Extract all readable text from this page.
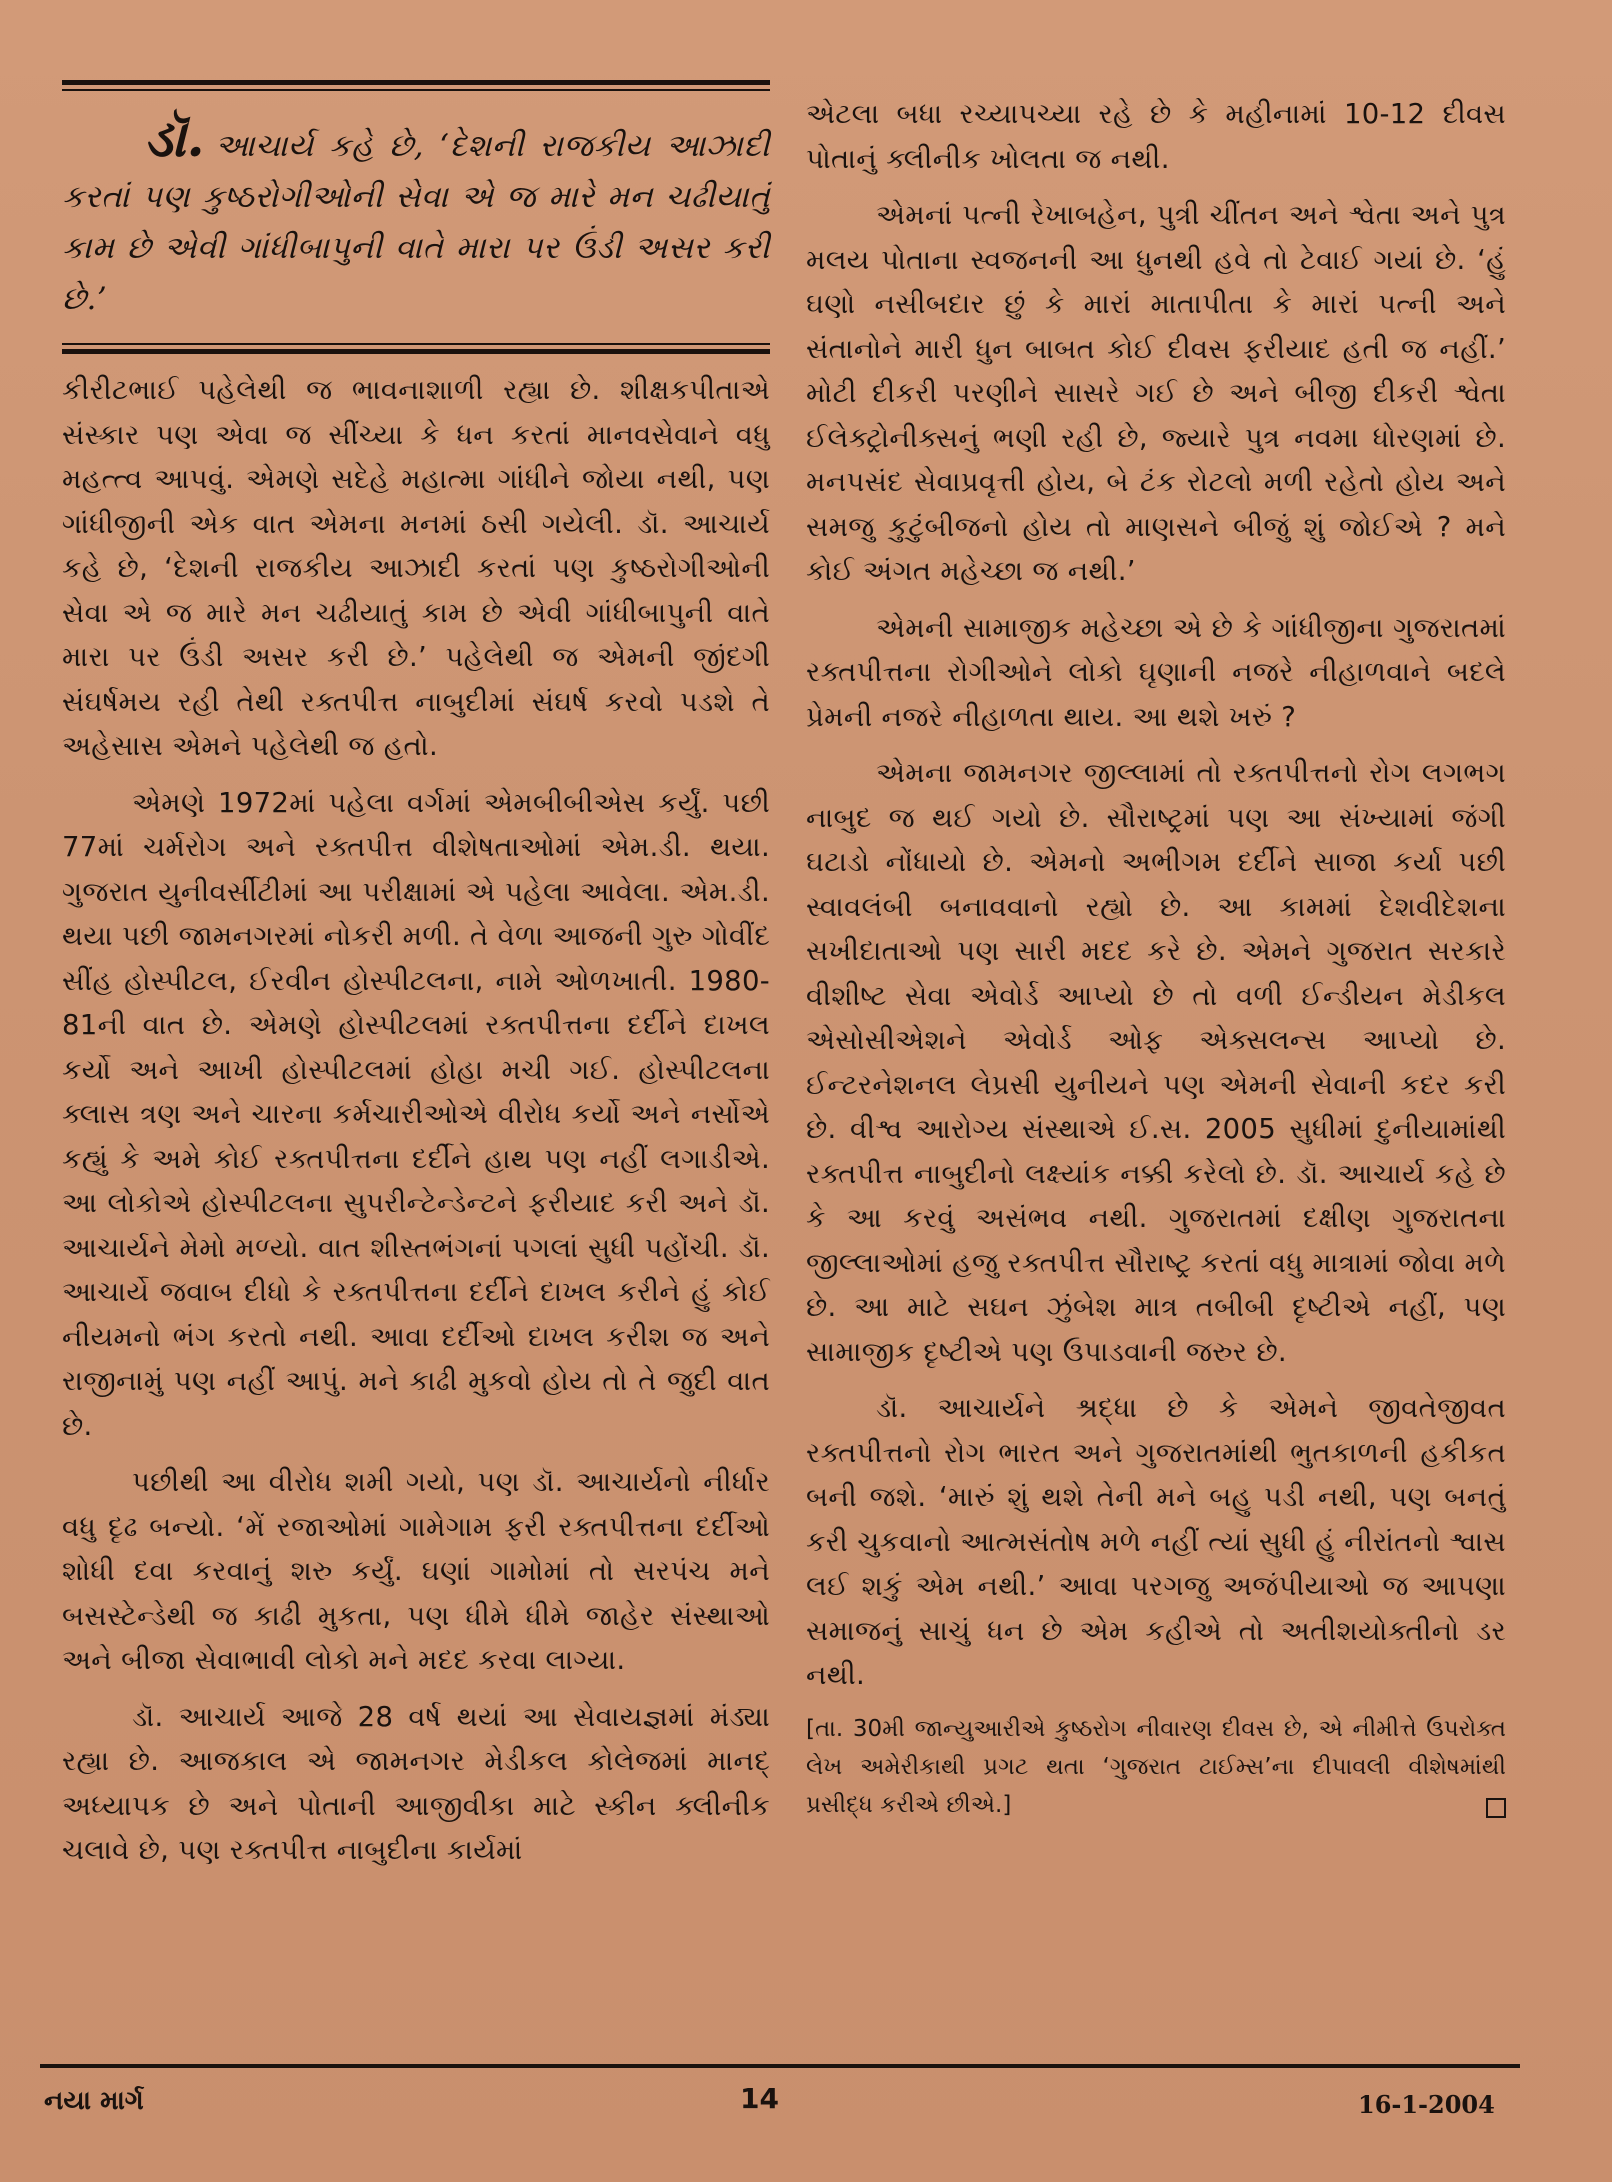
ડૉ. આચાર્ય કહે છે, ‘દેશની રાજકીય આઝાદી કરતાં પણ કુષ્ઠરોગીઓની સેવા એ જ મારે મન ચઢીયાતું કામ છે એવી ગાંધીબાપુની વાતે મારા પર ઉંડી અસર કરી છે.’

કીરીટભાઈ પહેલેથી જ ભાવનાશાળી રહ્યા છે. શીક્ષકપીતાએ સંસ્કાર પણ એવા જ સીંચ્યા કે ધન કરતાં માનવસેવાને વધુ મહત્ત્વ આપવું. એમણે સદેહે મહાત્મા ગાંધીને જોયા નથી, પણ ગાંધીજીની એક વાત એમના મનમાં ઠસી ગયેલી. ડૉ. આચાર્ય કહે છે, ‘દેશની રાજકીય આઝાદી કરતાં પણ કુષ્ઠરોગીઓની સેવા એ જ મારે મન ચઢીયાતું કામ છે એવી ગાંધીબાપુની વાતે મારા પર ઉંડી અસર કરી છે.’ પહેલેથી જ એમની જીંદગી સંઘર્ષમય રહી તેથી રક્તપીત્ત નાબુદીમાં સંઘર્ષ કરવો પડશે તે અહેસાસ એમને પહેલેથી જ હતો.

એમણે 1972માં પહેલા વર્ગમાં એમબીબીએસ કર્યું. પછી 77માં ચર્મરોગ અને રક્તપીત્ત વીશેષતાઓમાં એમ.ડી. થયા. ગુજરાત યુનીવર્સીટીમાં આ પરીક્ષામાં એ પહેલા આવેલા. એમ.ડી. થયા પછી જામનગરમાં નોકરી મળી. તે વેળા આજની ગુરુ ગોવીંદ સીંહ હોસ્પીટલ, ઈરવીન હોસ્પીટલના, નામે ઓળખાતી. 1980-81ની વાત છે. એમણે હોસ્પીટલમાં રક્તપીત્તના દર્દીને દાખલ કર્યો અને આખી હોસ્પીટલમાં હોહા મચી ગઈ. હોસ્પીટલના ક્લાસ ત્રણ અને ચારના કર્મચારીઓએ વીરોધ કર્યો અને નર્સોએ કહ્યું કે અમે કોઈ રક્તપીત્તના દર્દીને હાથ પણ નહીં લગાડીએ. આ લોકોએ હોસ્પીટલના સુપરીન્ટેન્ડેન્ટને ફરીયાદ કરી અને ડૉ. આચાર્યને મેમો મળ્યો. વાત શીસ્તભંગનાં પગલાં સુધી પહોંચી. ડૉ. આચાર્યે જવાબ દીધો કે રક્તપીત્તના દર્દીને દાખલ કરીને હું કોઈ નીયમનો ભંગ કરતો નથી. આવા દર્દીઓ દાખલ કરીશ જ અને રાજીનામું પણ નહીં આપું. મને કાઢી મુકવો હોય તો તે જુદી વાત છે.

પછીથી આ વીરોધ શમી ગયો, પણ ડૉ. આચાર્યનો નીર્ધાર વધુ દૃઢ બન્યો. ‘મેં રજાઓમાં ગામેગામ ફરી રક્તપીત્તના દર્દીઓ શોધી દવા કરવાનું શરુ કર્યું. ઘણાં ગામોમાં તો સરપંચ મને બસસ્ટેન્ડેથી જ કાઢી મુકતા, પણ ધીમે ધીમે જાહેર સંસ્થાઓ અને બીજા સેવાભાવી લોકો મને મદદ કરવા લાગ્યા.

ડૉ. આચાર્ય આજે 28 વર્ષ થયાં આ સેવાયજ્ઞમાં મંડ્યા રહ્યા છે. આજકાલ એ જામનગર મેડીકલ કોલેજમાં માનદ્ અધ્યાપક છે અને પોતાની આજીવીકા માટે સ્કીન ક્લીનીક ચલાવે છે, પણ રક્તપીત્ત નાબુદીના કાર્યમાં

એટલા બધા રચ્યાપચ્યા રહે છે કે મહીનામાં 10-12 દીવસ પોતાનું ક્લીનીક ખોલતા જ નથી.

એમનાં પત્ની રેખાબહેન, પુત્રી ચીંતન અને શ્વેતા અને પુત્ર મલય પોતાના સ્વજનની આ ધુનથી હવે તો ટેવાઈ ગયાં છે. ‘હું ઘણો નસીબદાર છું કે મારાં માતાપીતા કે મારાં પત્ની અને સંતાનોને મારી ધુન બાબત કોઈ દીવસ ફરીયાદ હતી જ નહીં.’ મોટી દીકરી પરણીને સાસરે ગઈ છે અને બીજી દીકરી શ્વેતા ઈલેક્ટ્રોનીક્સનું ભણી રહી છે, જ્યારે પુત્ર નવમા ધોરણમાં છે. મનપસંદ સેવાપ્રવૃત્તી હોય, બે ટંક રોટલો મળી રહેતો હોય અને સમજુ કુટુંબીજનો હોય તો માણસને બીજું શું જોઈએ ? મને કોઈ અંગત મહેચ્છા જ નથી.’

એમની સામાજીક મહેચ્છા એ છે કે ગાંધીજીના ગુજરાતમાં રક્તપીત્તના રોગીઓને લોકો ઘૃણાની નજરે નીહાળવાને બદલે પ્રેમની નજરે નીહાળતા થાય. આ થશે ખરું ?

એમના જામનગર જીલ્લામાં તો રક્તપીત્તનો રોગ લગભગ નાબુદ જ થઈ ગયો છે. સૌરાષ્ટ્રમાં પણ આ સંખ્યામાં જંગી ઘટાડો નોંધાયો છે. એમનો અભીગમ દર્દીને સાજા કર્યા પછી સ્વાવલંબી બનાવવાનો રહ્યો છે. આ કામમાં દેશવીદેશના સખીદાતાઓ પણ સારી મદદ કરે છે. એમને ગુજરાત સરકારે વીશીષ્ટ સેવા એવોર્ડ આપ્યો છે તો વળી ઈન્ડીયન મેડીકલ એસોસીએશને એવોર્ડ ઓફ એક્સલન્સ આપ્યો છે. ઈન્ટરનેશનલ લેપ્રસી યુનીયને પણ એમની સેવાની કદર કરી છે. વીશ્વ આરોગ્ય સંસ્થાએ ઈ.સ. 2005 સુધીમાં દુનીયામાંથી રક્તપીત્ત નાબુદીનો લક્ષ્યાંક નક્કી કરેલો છે. ડૉ. આચાર્ય કહે છે કે આ કરવું અસંભવ નથી. ગુજરાતમાં દક્ષીણ ગુજરાતના જીલ્લાઓમાં હજુ રક્તપીત્ત સૌરાષ્ટ્ર કરતાં વધુ માત્રામાં જોવા મળે છે. આ માટે સઘન ઝુંબેશ માત્ર તબીબી દૃષ્ટીએ નહીં, પણ સામાજીક દૃષ્ટીએ પણ ઉપાડવાની જરુર છે.

ડૉ. આચાર્યને શ્રદ્ધા છે કે એમને જીવતેજીવત રક્તપીત્તનો રોગ ભારત અને ગુજરાતમાંથી ભુતકાળની હકીકત બની જશે. ‘મારું શું થશે તેની મને બહુ પડી નથી, પણ બનતું કરી ચુકવાનો આત્મસંતોષ મળે નહીં ત્યાં સુધી હું નીરાંતનો શ્વાસ લઈ શકું એમ નથી.’ આવા પરગજુ અજંપીયાઓ જ આપણા સમાજનું સાચું ધન છે એમ કહીએ તો અતીશયોક્તીનો ડર નથી.

[તા. 30મી જાન્યુઆરીએ કુષ્ઠરોગ નીવારણ દીવસ છે, એ નીમીત્તે ઉપરોક્ત લેખ અમેરીકાથી પ્રગટ થતા ‘ગુજરાત ટાઈમ્સ’ના દીપાવલી વીશેષમાંથી પ્રસીદ્ધ કરીએ છીએ.]
નયા માર્ગ	14	16-1-2004
